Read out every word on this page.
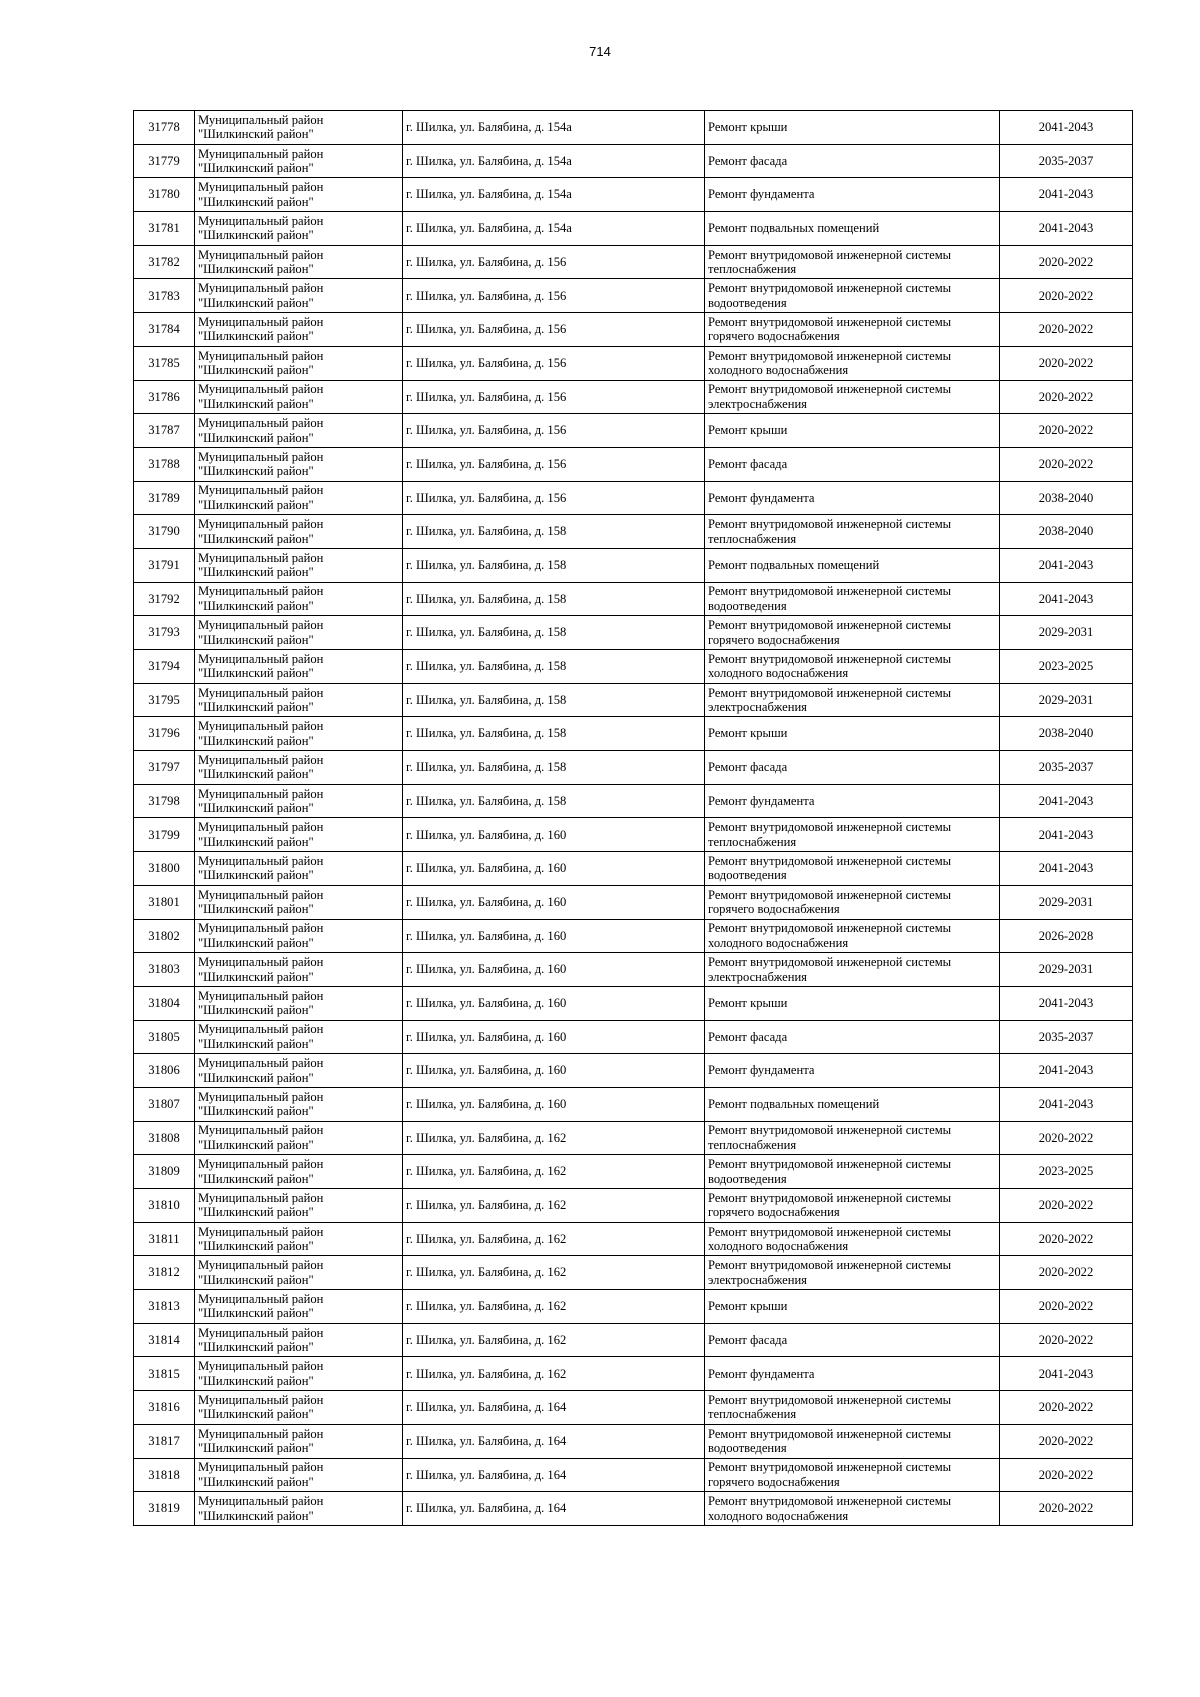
714
31778	Муниципальный район "Шилкинский район"	г. Шилка, ул. Балябина, д. 154а	Ремонт крыши	2041-2043
31779	Муниципальный район "Шилкинский район"	г. Шилка, ул. Балябина, д. 154а	Ремонт фасада	2035-2037
31780	Муниципальный район "Шилкинский район"	г. Шилка, ул. Балябина, д. 154а	Ремонт фундамента	2041-2043
31781	Муниципальный район "Шилкинский район"	г. Шилка, ул. Балябина, д. 154а	Ремонт подвальных помещений	2041-2043
31782	Муниципальный район "Шилкинский район"	г. Шилка, ул. Балябина, д. 156	Ремонт внутридомовой инженерной системы теплоснабжения	2020-2022
31783	Муниципальный район "Шилкинский район"	г. Шилка, ул. Балябина, д. 156	Ремонт внутридомовой инженерной системы водоотведения	2020-2022
31784	Муниципальный район "Шилкинский район"	г. Шилка, ул. Балябина, д. 156	Ремонт внутридомовой инженерной системы горячего водоснабжения	2020-2022
31785	Муниципальный район "Шилкинский район"	г. Шилка, ул. Балябина, д. 156	Ремонт внутридомовой инженерной системы холодного водоснабжения	2020-2022
31786	Муниципальный район "Шилкинский район"	г. Шилка, ул. Балябина, д. 156	Ремонт внутридомовой инженерной системы электроснабжения	2020-2022
31787	Муниципальный район "Шилкинский район"	г. Шилка, ул. Балябина, д. 156	Ремонт крыши	2020-2022
31788	Муниципальный район "Шилкинский район"	г. Шилка, ул. Балябина, д. 156	Ремонт фасада	2020-2022
31789	Муниципальный район "Шилкинский район"	г. Шилка, ул. Балябина, д. 156	Ремонт фундамента	2038-2040
31790	Муниципальный район "Шилкинский район"	г. Шилка, ул. Балябина, д. 158	Ремонт внутридомовой инженерной системы теплоснабжения	2038-2040
31791	Муниципальный район "Шилкинский район"	г. Шилка, ул. Балябина, д. 158	Ремонт подвальных помещений	2041-2043
31792	Муниципальный район "Шилкинский район"	г. Шилка, ул. Балябина, д. 158	Ремонт внутридомовой инженерной системы водоотведения	2041-2043
31793	Муниципальный район "Шилкинский район"	г. Шилка, ул. Балябина, д. 158	Ремонт внутридомовой инженерной системы горячего водоснабжения	2029-2031
31794	Муниципальный район "Шилкинский район"	г. Шилка, ул. Балябина, д. 158	Ремонт внутридомовой инженерной системы холодного водоснабжения	2023-2025
31795	Муниципальный район "Шилкинский район"	г. Шилка, ул. Балябина, д. 158	Ремонт внутридомовой инженерной системы электроснабжения	2029-2031
31796	Муниципальный район "Шилкинский район"	г. Шилка, ул. Балябина, д. 158	Ремонт крыши	2038-2040
31797	Муниципальный район "Шилкинский район"	г. Шилка, ул. Балябина, д. 158	Ремонт фасада	2035-2037
31798	Муниципальный район "Шилкинский район"	г. Шилка, ул. Балябина, д. 158	Ремонт фундамента	2041-2043
31799	Муниципальный район "Шилкинский район"	г. Шилка, ул. Балябина, д. 160	Ремонт внутридомовой инженерной системы теплоснабжения	2041-2043
31800	Муниципальный район "Шилкинский район"	г. Шилка, ул. Балябина, д. 160	Ремонт внутридомовой инженерной системы водоотведения	2041-2043
31801	Муниципальный район "Шилкинский район"	г. Шилка, ул. Балябина, д. 160	Ремонт внутридомовой инженерной системы горячего водоснабжения	2029-2031
31802	Муниципальный район "Шилкинский район"	г. Шилка, ул. Балябина, д. 160	Ремонт внутридомовой инженерной системы холодного водоснабжения	2026-2028
31803	Муниципальный район "Шилкинский район"	г. Шилка, ул. Балябина, д. 160	Ремонт внутридомовой инженерной системы электроснабжения	2029-2031
31804	Муниципальный район "Шилкинский район"	г. Шилка, ул. Балябина, д. 160	Ремонт крыши	2041-2043
31805	Муниципальный район "Шилкинский район"	г. Шилка, ул. Балябина, д. 160	Ремонт фасада	2035-2037
31806	Муниципальный район "Шилкинский район"	г. Шилка, ул. Балябина, д. 160	Ремонт фундамента	2041-2043
31807	Муниципальный район "Шилкинский район"	г. Шилка, ул. Балябина, д. 160	Ремонт подвальных помещений	2041-2043
31808	Муниципальный район "Шилкинский район"	г. Шилка, ул. Балябина, д. 162	Ремонт внутридомовой инженерной системы теплоснабжения	2020-2022
31809	Муниципальный район "Шилкинский район"	г. Шилка, ул. Балябина, д. 162	Ремонт внутридомовой инженерной системы водоотведения	2023-2025
31810	Муниципальный район "Шилкинский район"	г. Шилка, ул. Балябина, д. 162	Ремонт внутридомовой инженерной системы горячего водоснабжения	2020-2022
31811	Муниципальный район "Шилкинский район"	г. Шилка, ул. Балябина, д. 162	Ремонт внутридомовой инженерной системы холодного водоснабжения	2020-2022
31812	Муниципальный район "Шилкинский район"	г. Шилка, ул. Балябина, д. 162	Ремонт внутридомовой инженерной системы электроснабжения	2020-2022
31813	Муниципальный район "Шилкинский район"	г. Шилка, ул. Балябина, д. 162	Ремонт крыши	2020-2022
31814	Муниципальный район "Шилкинский район"	г. Шилка, ул. Балябина, д. 162	Ремонт фасада	2020-2022
31815	Муниципальный район "Шилкинский район"	г. Шилка, ул. Балябина, д. 162	Ремонт фундамента	2041-2043
31816	Муниципальный район "Шилкинский район"	г. Шилка, ул. Балябина, д. 164	Ремонт внутридомовой инженерной системы теплоснабжения	2020-2022
31817	Муниципальный район "Шилкинский район"	г. Шилка, ул. Балябина, д. 164	Ремонт внутридомовой инженерной системы водоотведения	2020-2022
31818	Муниципальный район "Шилкинский район"	г. Шилка, ул. Балябина, д. 164	Ремонт внутридомовой инженерной системы горячего водоснабжения	2020-2022
31819	Муниципальный район "Шилкинский район"	г. Шилка, ул. Балябина, д. 164	Ремонт внутридомовой инженерной системы холодного водоснабжения	2020-2022
